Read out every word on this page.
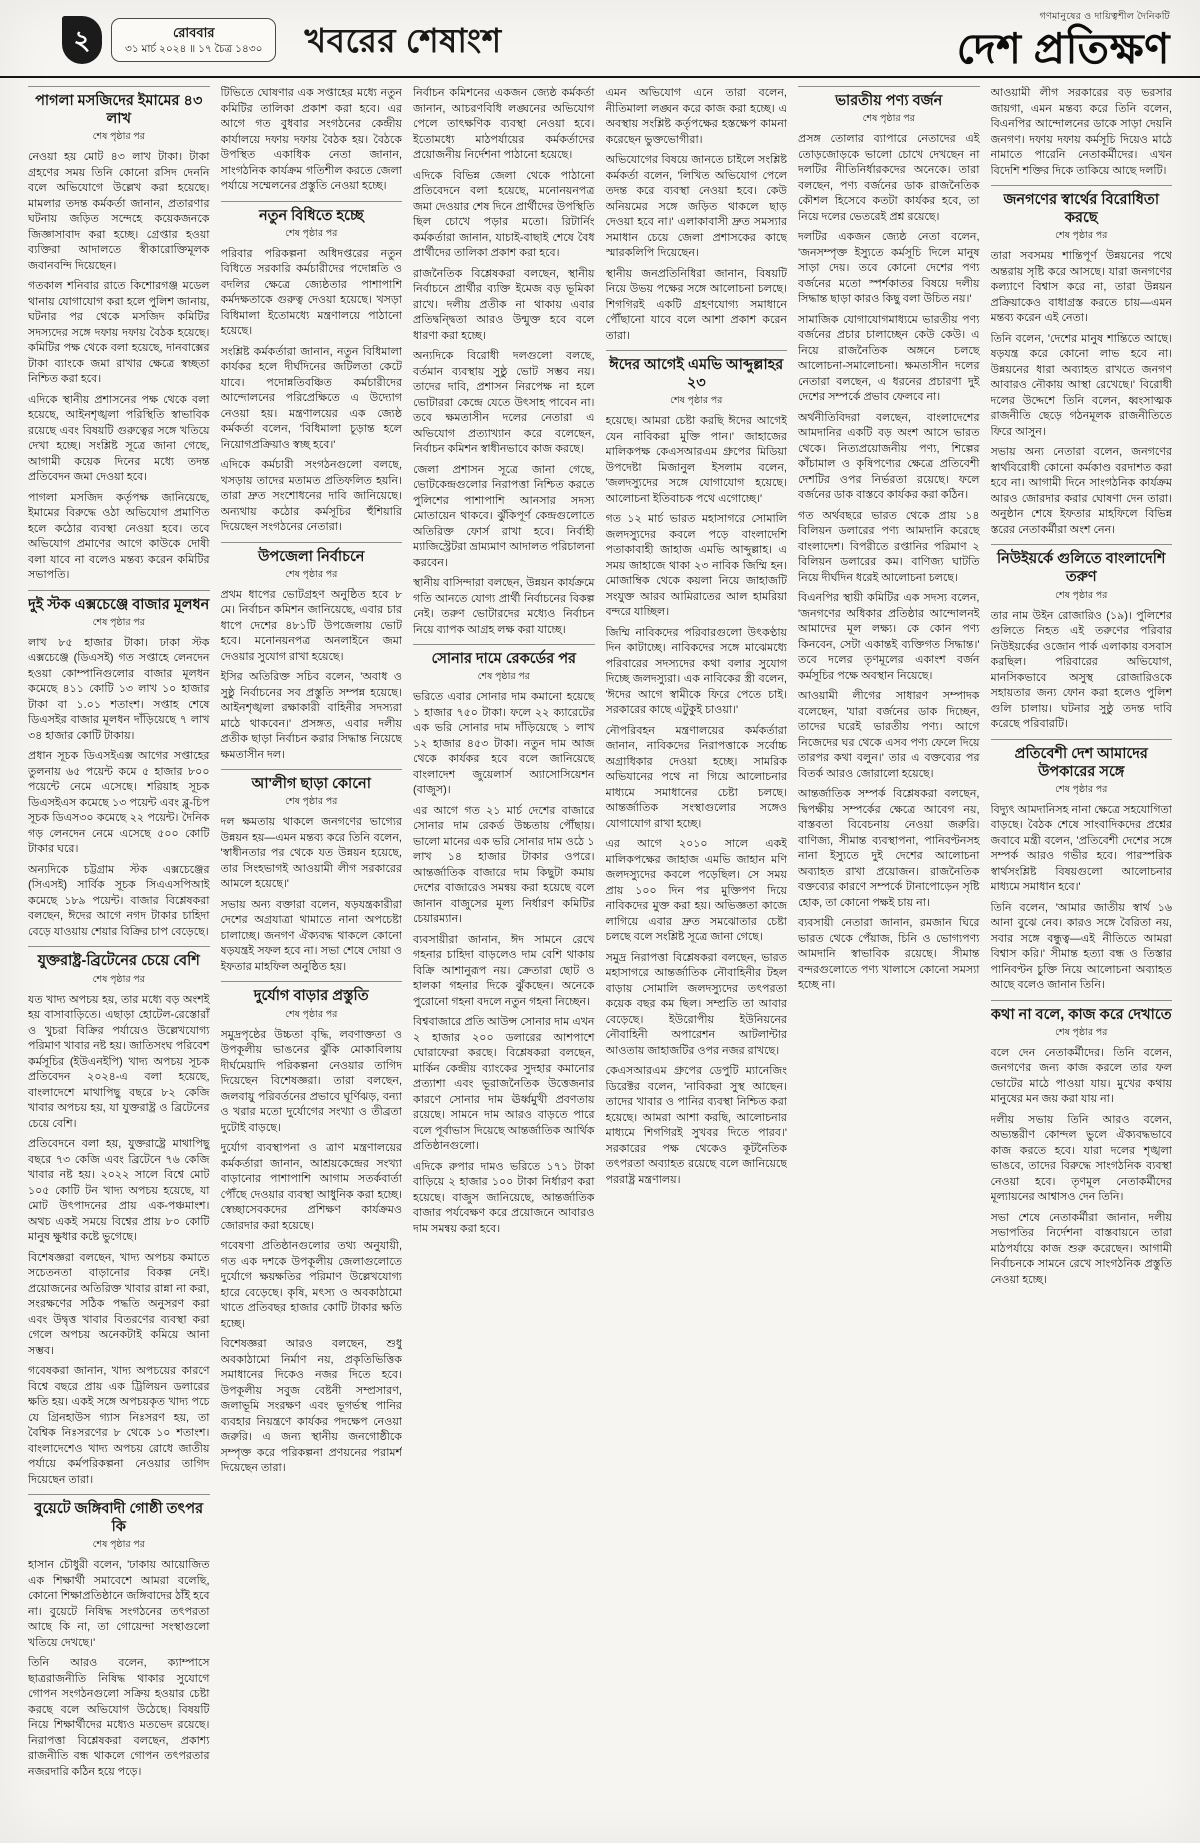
২	রোববার
৩১ মার্চ ২০২৪ ॥ ১৭ চৈত্র ১৪৩০ খবরের শেষাংশ
গণমানুষের ও দায়িত্বশীল দৈনিকটি
দেশ প্রতিক্ষণ
পাগলা মসজিদের ইমামের ৪৩ লাখ
শেষ পৃষ্ঠার পর

নেওয়া হয় মোট ৪৩ লাখ টাকা। টাকা গ্রহণের সময় তিনি কোনো রসিদ দেননি বলে অভিযোগে উল্লেখ করা হয়েছে। মামলার তদন্ত কর্মকর্তা জানান, প্রতারণার ঘটনায় জড়িত সন্দেহে কয়েকজনকে জিজ্ঞাসাবাদ করা হচ্ছে। গ্রেপ্তার হওয়া ব্যক্তিরা আদালতে স্বীকারোক্তিমূলক জবানবন্দি দিয়েছেন।

গতকাল শনিবার রাতে কিশোরগঞ্জ মডেল থানায় যোগাযোগ করা হলে পুলিশ জানায়, ঘটনার পর থেকে মসজিদ কমিটির সদস্যদের সঙ্গে দফায় দফায় বৈঠক হয়েছে। কমিটির পক্ষ থেকে বলা হয়েছে, দানবাক্সের টাকা ব্যাংকে জমা রাখার ক্ষেত্রে স্বচ্ছতা নিশ্চিত করা হবে।

এদিকে স্থানীয় প্রশাসনের পক্ষ থেকে বলা হয়েছে, আইনশৃঙ্খলা পরিস্থিতি স্বাভাবিক রয়েছে এবং বিষয়টি গুরুত্বের সঙ্গে খতিয়ে দেখা হচ্ছে। সংশ্লিষ্ট সূত্রে জানা গেছে, আগামী কয়েক দিনের মধ্যে তদন্ত প্রতিবেদন জমা দেওয়া হবে।

পাগলা মসজিদ কর্তৃপক্ষ জানিয়েছে, ইমামের বিরুদ্ধে ওঠা অভিযোগ প্রমাণিত হলে কঠোর ব্যবস্থা নেওয়া হবে। তবে অভিযোগ প্রমাণের আগে কাউকে দোষী বলা যাবে না বলেও মন্তব্য করেন কমিটির সভাপতি।

দুই স্টক এক্সচেঞ্জে বাজার মূলধন
শেষ পৃষ্ঠার পর

লাখ ৮৫ হাজার টাকা। ঢাকা স্টক এক্সচেঞ্জে (ডিএসই) গত সপ্তাহে লেনদেন হওয়া কোম্পানিগুলোর বাজার মূলধন কমেছে ৪১১ কোটি ১৩ লাখ ১০ হাজার টাকা বা ১.০১ শতাংশ। সপ্তাহ শেষে ডিএসইর বাজার মূলধন দাঁড়িয়েছে ৭ লাখ ৩৪ হাজার কোটি টাকায়।

প্রধান সূচক ডিএসইএক্স আগের সপ্তাহের তুলনায় ৬৫ পয়েন্ট কমে ৫ হাজার ৮০০ পয়েন্টে নেমে এসেছে। শরিয়াহ সূচক ডিএসইএস কমেছে ১৩ পয়েন্ট এবং ব্লু-চিপ সূচক ডিএস৩০ কমেছে ২২ পয়েন্ট। দৈনিক গড় লেনদেন নেমে এসেছে ৫০০ কোটি টাকার ঘরে।

অন্যদিকে চট্টগ্রাম স্টক এক্সচেঞ্জের (সিএসই) সার্বিক সূচক সিএএসপিআই কমেছে ১৮৯ পয়েন্ট। বাজার বিশ্লেষকরা বলছেন, ঈদের আগে নগদ টাকার চাহিদা বেড়ে যাওয়ায় শেয়ার বিক্রির চাপ বেড়েছে।

যুক্তরাষ্ট্র-ব্রিটেনের চেয়ে বেশি
শেষ পৃষ্ঠার পর

যত খাদ্য অপচয় হয়, তার মধ্যে বড় অংশই হয় বাসাবাড়িতে। এছাড়া হোটেল-রেস্তোরাঁ ও খুচরা বিক্রির পর্যায়েও উল্লেখযোগ্য পরিমাণ খাবার নষ্ট হয়। জাতিসংঘ পরিবেশ কর্মসূচির (ইউএনইপি) খাদ্য অপচয় সূচক প্রতিবেদন ২০২৪-এ বলা হয়েছে, বাংলাদেশে মাথাপিছু বছরে ৮২ কেজি খাবার অপচয় হয়, যা যুক্তরাষ্ট্র ও ব্রিটেনের চেয়ে বেশি।

প্রতিবেদনে বলা হয়, যুক্তরাষ্ট্রে মাথাপিছু বছরে ৭৩ কেজি এবং ব্রিটেনে ৭৬ কেজি খাবার নষ্ট হয়। ২০২২ সালে বিশ্বে মোট ১০৫ কোটি টন খাদ্য অপচয় হয়েছে, যা মোট উৎপাদনের প্রায় এক-পঞ্চমাংশ। অথচ একই সময়ে বিশ্বের প্রায় ৮০ কোটি মানুষ ক্ষুধার কষ্টে ভুগেছে।

বিশেষজ্ঞরা বলছেন, খাদ্য অপচয় কমাতে সচেতনতা বাড়ানোর বিকল্প নেই। প্রয়োজনের অতিরিক্ত খাবার রান্না না করা, সংরক্ষণের সঠিক পদ্ধতি অনুসরণ করা এবং উদ্বৃত্ত খাবার বিতরণের ব্যবস্থা করা গেলে অপচয় অনেকটাই কমিয়ে আনা সম্ভব।

গবেষকরা জানান, খাদ্য অপচয়ের কারণে বিশ্বে বছরে প্রায় এক ট্রিলিয়ন ডলারের ক্ষতি হয়। একই সঙ্গে অপচয়কৃত খাদ্য পচে যে গ্রিনহাউস গ্যাস নিঃসরণ হয়, তা বৈশ্বিক নিঃসরণের ৮ থেকে ১০ শতাংশ। বাংলাদেশেও খাদ্য অপচয় রোধে জাতীয় পর্যায়ে কর্মপরিকল্পনা নেওয়ার তাগিদ দিয়েছেন তারা।

বুয়েটে জঙ্গিবাদী গোষ্ঠী তৎপর কি
শেষ পৃষ্ঠার পর

হাসান চৌধুরী বলেন, 'ঢাকায় আয়োজিত এক শিক্ষার্থী সমাবেশে আমরা বলেছি, কোনো শিক্ষাপ্রতিষ্ঠানে জঙ্গিবাদের ঠাঁই হবে না। বুয়েটে নিষিদ্ধ সংগঠনের তৎপরতা আছে কি না, তা গোয়েন্দা সংস্থাগুলো খতিয়ে দেখছে।'

তিনি আরও বলেন, ক্যাম্পাসে ছাত্ররাজনীতি নিষিদ্ধ থাকার সুযোগে গোপন সংগঠনগুলো সক্রিয় হওয়ার চেষ্টা করছে বলে অভিযোগ উঠেছে। বিষয়টি নিয়ে শিক্ষার্থীদের মধ্যেও মতভেদ রয়েছে। নিরাপত্তা বিশ্লেষকরা বলছেন, প্রকাশ্য রাজনীতি বন্ধ থাকলে গোপন তৎপরতার নজরদারি কঠিন হয়ে পড়ে।

টিভিতে ঘোষণার এক সপ্তাহের মধ্যে নতুন কমিটির তালিকা প্রকাশ করা হবে। এর আগে গত বুধবার সংগঠনের কেন্দ্রীয় কার্যালয়ে দফায় দফায় বৈঠক হয়। বৈঠকে উপস্থিত একাধিক নেতা জানান, সাংগঠনিক কার্যক্রম গতিশীল করতে জেলা পর্যায়ে সম্মেলনের প্রস্তুতি নেওয়া হচ্ছে।

নতুন বিধিতে হচ্ছে
শেষ পৃষ্ঠার পর

পরিবার পরিকল্পনা অধিদপ্তরের নতুন বিধিতে সরকারি কর্মচারীদের পদোন্নতি ও বদলির ক্ষেত্রে জ্যেষ্ঠতার পাশাপাশি কর্মদক্ষতাকে গুরুত্ব দেওয়া হয়েছে। খসড়া বিধিমালা ইতোমধ্যে মন্ত্রণালয়ে পাঠানো হয়েছে।

সংশ্লিষ্ট কর্মকর্তারা জানান, নতুন বিধিমালা কার্যকর হলে দীর্ঘদিনের জটিলতা কেটে যাবে। পদোন্নতিবঞ্চিত কর্মচারীদের আন্দোলনের পরিপ্রেক্ষিতে এ উদ্যোগ নেওয়া হয়। মন্ত্রণালয়ের এক জ্যেষ্ঠ কর্মকর্তা বলেন, 'বিধিমালা চূড়ান্ত হলে নিয়োগপ্রক্রিয়াও স্বচ্ছ হবে।'

এদিকে কর্মচারী সংগঠনগুলো বলছে, খসড়ায় তাদের মতামত প্রতিফলিত হয়নি। তারা দ্রুত সংশোধনের দাবি জানিয়েছে। অন্যথায় কঠোর কর্মসূচির হুঁশিয়ারি দিয়েছেন সংগঠনের নেতারা।

উপজেলা নির্বাচনে
শেষ পৃষ্ঠার পর

প্রথম ধাপের ভোটগ্রহণ অনুষ্ঠিত হবে ৮ মে। নির্বাচন কমিশন জানিয়েছে, এবার চার ধাপে দেশের ৪৮১টি উপজেলায় ভোট হবে। মনোনয়নপত্র অনলাইনে জমা দেওয়ার সুযোগ রাখা হয়েছে।

ইসির অতিরিক্ত সচিব বলেন, 'অবাধ ও সুষ্ঠু নির্বাচনের সব প্রস্তুতি সম্পন্ন হয়েছে। আইনশৃঙ্খলা রক্ষাকারী বাহিনীর সদস্যরা মাঠে থাকবেন।' প্রসঙ্গত, এবার দলীয় প্রতীক ছাড়া নির্বাচন করার সিদ্ধান্ত নিয়েছে ক্ষমতাসীন দল।

আ'লীগ ছাড়া কোনো
শেষ পৃষ্ঠার পর

দল ক্ষমতায় থাকলে জনগণের ভাগ্যের উন্নয়ন হয়—এমন মন্তব্য করে তিনি বলেন, 'স্বাধীনতার পর থেকে যত উন্নয়ন হয়েছে, তার সিংহভাগই আওয়ামী লীগ সরকারের আমলে হয়েছে।'

সভায় অন্য বক্তারা বলেন, ষড়যন্ত্রকারীরা দেশের অগ্রযাত্রা থামাতে নানা অপচেষ্টা চালাচ্ছে। জনগণ ঐক্যবদ্ধ থাকলে কোনো ষড়যন্ত্রই সফল হবে না। সভা শেষে দোয়া ও ইফতার মাহফিল অনুষ্ঠিত হয়।

দুর্যোগ বাড়ার প্রস্তুতি
শেষ পৃষ্ঠার পর

সমুদ্রপৃষ্ঠের উচ্চতা বৃদ্ধি, লবণাক্ততা ও উপকূলীয় ভাঙনের ঝুঁকি মোকাবিলায় দীর্ঘমেয়াদি পরিকল্পনা নেওয়ার তাগিদ দিয়েছেন বিশেষজ্ঞরা। তারা বলছেন, জলবায়ু পরিবর্তনের প্রভাবে ঘূর্ণিঝড়, বন্যা ও খরার মতো দুর্যোগের সংখ্যা ও তীব্রতা দুটোই বাড়ছে।

দুর্যোগ ব্যবস্থাপনা ও ত্রাণ মন্ত্রণালয়ের কর্মকর্তারা জানান, আশ্রয়কেন্দ্রের সংখ্যা বাড়ানোর পাশাপাশি আগাম সতর্কবার্তা পৌঁছে দেওয়ার ব্যবস্থা আধুনিক করা হচ্ছে। স্বেচ্ছাসেবকদের প্রশিক্ষণ কার্যক্রমও জোরদার করা হয়েছে।

গবেষণা প্রতিষ্ঠানগুলোর তথ্য অনুযায়ী, গত এক দশকে উপকূলীয় জেলাগুলোতে দুর্যোগে ক্ষয়ক্ষতির পরিমাণ উল্লেখযোগ্য হারে বেড়েছে। কৃষি, মৎস্য ও অবকাঠামো খাতে প্রতিবছর হাজার কোটি টাকার ক্ষতি হচ্ছে।

বিশেষজ্ঞরা আরও বলছেন, শুধু অবকাঠামো নির্মাণ নয়, প্রকৃতিভিত্তিক সমাধানের দিকেও নজর দিতে হবে। উপকূলীয় সবুজ বেষ্টনী সম্প্রসারণ, জলাভূমি সংরক্ষণ এবং ভূগর্ভস্থ পানির ব্যবহার নিয়ন্ত্রণে কার্যকর পদক্ষেপ নেওয়া জরুরি। এ জন্য স্থানীয় জনগোষ্ঠীকে সম্পৃক্ত করে পরিকল্পনা প্রণয়নের পরামর্শ দিয়েছেন তারা।

নির্বাচন কমিশনের একজন জ্যেষ্ঠ কর্মকর্তা জানান, আচরণবিধি লঙ্ঘনের অভিযোগ পেলে তাৎক্ষণিক ব্যবস্থা নেওয়া হবে। ইতোমধ্যে মাঠপর্যায়ের কর্মকর্তাদের প্রয়োজনীয় নির্দেশনা পাঠানো হয়েছে।

এদিকে বিভিন্ন জেলা থেকে পাঠানো প্রতিবেদনে বলা হয়েছে, মনোনয়নপত্র জমা দেওয়ার শেষ দিনে প্রার্থীদের উপস্থিতি ছিল চোখে পড়ার মতো। রিটার্নিং কর্মকর্তারা জানান, যাচাই-বাছাই শেষে বৈধ প্রার্থীদের তালিকা প্রকাশ করা হবে।

রাজনৈতিক বিশ্লেষকরা বলছেন, স্থানীয় নির্বাচনে প্রার্থীর ব্যক্তি ইমেজ বড় ভূমিকা রাখে। দলীয় প্রতীক না থাকায় এবার প্রতিদ্বন্দ্বিতা আরও উন্মুক্ত হবে বলে ধারণা করা হচ্ছে।

অন্যদিকে বিরোধী দলগুলো বলছে, বর্তমান ব্যবস্থায় সুষ্ঠু ভোট সম্ভব নয়। তাদের দাবি, প্রশাসন নিরপেক্ষ না হলে ভোটাররা কেন্দ্রে যেতে উৎসাহ পাবেন না। তবে ক্ষমতাসীন দলের নেতারা এ অভিযোগ প্রত্যাখ্যান করে বলেছেন, নির্বাচন কমিশন স্বাধীনভাবে কাজ করছে।

জেলা প্রশাসন সূত্রে জানা গেছে, ভোটকেন্দ্রগুলোর নিরাপত্তা নিশ্চিত করতে পুলিশের পাশাপাশি আনসার সদস্য মোতায়েন থাকবে। ঝুঁকিপূর্ণ কেন্দ্রগুলোতে অতিরিক্ত ফোর্স রাখা হবে। নির্বাহী ম্যাজিস্ট্রেটরা ভ্রাম্যমাণ আদালত পরিচালনা করবেন।

স্থানীয় বাসিন্দারা বলছেন, উন্নয়ন কার্যক্রমে গতি আনতে যোগ্য প্রার্থী নির্বাচনের বিকল্প নেই। তরুণ ভোটারদের মধ্যেও নির্বাচন নিয়ে ব্যাপক আগ্রহ লক্ষ করা যাচ্ছে।

সোনার দামে রেকর্ডের পর
শেষ পৃষ্ঠার পর

ভরিতে এবার সোনার দাম কমানো হয়েছে ১ হাজার ৭৫০ টাকা। ফলে ২২ ক্যারেটের এক ভরি সোনার দাম দাঁড়িয়েছে ১ লাখ ১২ হাজার ৪৫৩ টাকা। নতুন দাম আজ থেকে কার্যকর হবে বলে জানিয়েছে বাংলাদেশ জুয়েলার্স অ্যাসোসিয়েশন (বাজুস)।

এর আগে গত ২১ মার্চ দেশের বাজারে সোনার দাম রেকর্ড উচ্চতায় পৌঁছায়। ভালো মানের এক ভরি সোনার দাম ওঠে ১ লাখ ১৪ হাজার টাকার ওপরে। আন্তর্জাতিক বাজারে দাম কিছুটা কমায় দেশের বাজারেও সমন্বয় করা হয়েছে বলে জানান বাজুসের মূল্য নির্ধারণ কমিটির চেয়ারম্যান।

ব্যবসায়ীরা জানান, ঈদ সামনে রেখে গহনার চাহিদা বাড়লেও দাম বেশি থাকায় বিক্রি আশানুরূপ নয়। ক্রেতারা ছোট ও হালকা গহনার দিকে ঝুঁকছেন। অনেকে পুরোনো গহনা বদলে নতুন গহনা নিচ্ছেন।

বিশ্ববাজারে প্রতি আউন্স সোনার দাম এখন ২ হাজার ২০০ ডলারের আশপাশে ঘোরাফেরা করছে। বিশ্লেষকরা বলছেন, মার্কিন কেন্দ্রীয় ব্যাংকের সুদহার কমানোর প্রত্যাশা এবং ভূরাজনৈতিক উত্তেজনার কারণে সোনার দাম ঊর্ধ্বমুখী প্রবণতায় রয়েছে। সামনে দাম আরও বাড়তে পারে বলে পূর্বাভাস দিয়েছে আন্তর্জাতিক আর্থিক প্রতিষ্ঠানগুলো।

এদিকে রুপার দামও ভরিতে ১৭১ টাকা বাড়িয়ে ২ হাজার ১০০ টাকা নির্ধারণ করা হয়েছে। বাজুস জানিয়েছে, আন্তর্জাতিক বাজার পর্যবেক্ষণ করে প্রয়োজনে আবারও দাম সমন্বয় করা হবে।

এমন অভিযোগ এনে তারা বলেন, নীতিমালা লঙ্ঘন করে কাজ করা হচ্ছে। এ অবস্থায় সংশ্লিষ্ট কর্তৃপক্ষের হস্তক্ষেপ কামনা করেছেন ভুক্তভোগীরা।

অভিযোগের বিষয়ে জানতে চাইলে সংশ্লিষ্ট কর্মকর্তা বলেন, 'লিখিত অভিযোগ পেলে তদন্ত করে ব্যবস্থা নেওয়া হবে। কেউ অনিয়মের সঙ্গে জড়িত থাকলে ছাড় দেওয়া হবে না।' এলাকাবাসী দ্রুত সমস্যার সমাধান চেয়ে জেলা প্রশাসকের কাছে স্মারকলিপি দিয়েছেন।

স্থানীয় জনপ্রতিনিধিরা জানান, বিষয়টি নিয়ে উভয় পক্ষের সঙ্গে আলোচনা চলছে। শিগগিরই একটি গ্রহণযোগ্য সমাধানে পৌঁছানো যাবে বলে আশা প্রকাশ করেন তারা।

ঈদের আগেই এমভি আব্দুল্লাহর ২৩
শেষ পৃষ্ঠার পর

হয়েছে। আমরা চেষ্টা করছি ঈদের আগেই যেন নাবিকরা মুক্তি পান।' জাহাজের মালিকপক্ষ কেএসআরএম গ্রুপের মিডিয়া উপদেষ্টা মিজানুল ইসলাম বলেন, 'জলদস্যুদের সঙ্গে যোগাযোগ হয়েছে। আলোচনা ইতিবাচক পথে এগোচ্ছে।'

গত ১২ মার্চ ভারত মহাসাগরে সোমালি জলদস্যুদের কবলে পড়ে বাংলাদেশি পতাকাবাহী জাহাজ এমভি আব্দুল্লাহ। এ সময় জাহাজে থাকা ২৩ নাবিক জিম্মি হন। মোজাম্বিক থেকে কয়লা নিয়ে জাহাজটি সংযুক্ত আরব আমিরাতের আল হামরিয়া বন্দরে যাচ্ছিল।

জিম্মি নাবিকদের পরিবারগুলো উৎকণ্ঠায় দিন কাটাচ্ছে। নাবিকদের সঙ্গে মাঝেমধ্যে পরিবারের সদস্যদের কথা বলার সুযোগ দিচ্ছে জলদস্যুরা। এক নাবিকের স্ত্রী বলেন, 'ঈদের আগে স্বামীকে ফিরে পেতে চাই। সরকারের কাছে এটুকুই চাওয়া।'

নৌপরিবহন মন্ত্রণালয়ের কর্মকর্তারা জানান, নাবিকদের নিরাপত্তাকে সর্বোচ্চ অগ্রাধিকার দেওয়া হচ্ছে। সামরিক অভিযানের পথে না গিয়ে আলোচনার মাধ্যমে সমাধানের চেষ্টা চলছে। আন্তর্জাতিক সংস্থাগুলোর সঙ্গেও যোগাযোগ রাখা হচ্ছে।

এর আগে ২০১০ সালে একই মালিকপক্ষের জাহাজ এমভি জাহান মণি জলদস্যুদের কবলে পড়েছিল। সে সময় প্রায় ১০০ দিন পর মুক্তিপণ দিয়ে নাবিকদের মুক্ত করা হয়। অভিজ্ঞতা কাজে লাগিয়ে এবার দ্রুত সমঝোতার চেষ্টা চলছে বলে সংশ্লিষ্ট সূত্রে জানা গেছে।

সমুদ্র নিরাপত্তা বিশ্লেষকরা বলছেন, ভারত মহাসাগরে আন্তর্জাতিক নৌবাহিনীর টহল বাড়ায় সোমালি জলদস্যুদের তৎপরতা কয়েক বছর কম ছিল। সম্প্রতি তা আবার বেড়েছে। ইউরোপীয় ইউনিয়নের নৌবাহিনী অপারেশন আটলান্টার আওতায় জাহাজটির ওপর নজর রাখছে।

কেএসআরএম গ্রুপের ডেপুটি ম্যানেজিং ডিরেক্টর বলেন, 'নাবিকরা সুস্থ আছেন। তাদের খাবার ও পানির ব্যবস্থা নিশ্চিত করা হয়েছে। আমরা আশা করছি, আলোচনার মাধ্যমে শিগগিরই সুখবর দিতে পারব।' সরকারের পক্ষ থেকেও কূটনৈতিক তৎপরতা অব্যাহত রয়েছে বলে জানিয়েছে পররাষ্ট্র মন্ত্রণালয়।

ভারতীয় পণ্য বর্জন
শেষ পৃষ্ঠার পর

প্রসঙ্গ তোলার ব্যাপারে নেতাদের এই তোড়জোড়কে ভালো চোখে দেখছেন না দলটির নীতিনির্ধারকদের অনেকে। তারা বলছেন, পণ্য বর্জনের ডাক রাজনৈতিক কৌশল হিসেবে কতটা কার্যকর হবে, তা নিয়ে দলের ভেতরেই প্রশ্ন রয়েছে।

দলটির একজন জ্যেষ্ঠ নেতা বলেন, 'জনসম্পৃক্ত ইস্যুতে কর্মসূচি দিলে মানুষ সাড়া দেয়। তবে কোনো দেশের পণ্য বর্জনের মতো স্পর্শকাতর বিষয়ে দলীয় সিদ্ধান্ত ছাড়া কারও কিছু বলা উচিত নয়।'

সামাজিক যোগাযোগমাধ্যমে ভারতীয় পণ্য বর্জনের প্রচার চালাচ্ছেন কেউ কেউ। এ নিয়ে রাজনৈতিক অঙ্গনে চলছে আলোচনা-সমালোচনা। ক্ষমতাসীন দলের নেতারা বলছেন, এ ধরনের প্রচারণা দুই দেশের সম্পর্কে প্রভাব ফেলবে না।

অর্থনীতিবিদরা বলছেন, বাংলাদেশের আমদানির একটি বড় অংশ আসে ভারত থেকে। নিত্যপ্রয়োজনীয় পণ্য, শিল্পের কাঁচামাল ও কৃষিপণ্যের ক্ষেত্রে প্রতিবেশী দেশটির ওপর নির্ভরতা রয়েছে। ফলে বর্জনের ডাক বাস্তবে কার্যকর করা কঠিন।

গত অর্থবছরে ভারত থেকে প্রায় ১৪ বিলিয়ন ডলারের পণ্য আমদানি করেছে বাংলাদেশ। বিপরীতে রপ্তানির পরিমাণ ২ বিলিয়ন ডলারের কম। বাণিজ্য ঘাটতি নিয়ে দীর্ঘদিন ধরেই আলোচনা চলছে।

বিএনপির স্থায়ী কমিটির এক সদস্য বলেন, 'জনগণের অধিকার প্রতিষ্ঠার আন্দোলনই আমাদের মূল লক্ষ্য। কে কোন পণ্য কিনবেন, সেটা একান্তই ব্যক্তিগত সিদ্ধান্ত।' তবে দলের তৃণমূলের একাংশ বর্জন কর্মসূচির পক্ষে অবস্থান নিয়েছে।

আওয়ামী লীগের সাধারণ সম্পাদক বলেছেন, 'যারা বর্জনের ডাক দিচ্ছেন, তাদের ঘরেই ভারতীয় পণ্য। আগে নিজেদের ঘর থেকে এসব পণ্য ফেলে দিয়ে তারপর কথা বলুন।' তার এ বক্তব্যের পর বিতর্ক আরও জোরালো হয়েছে।

আন্তর্জাতিক সম্পর্ক বিশ্লেষকরা বলছেন, দ্বিপক্ষীয় সম্পর্কের ক্ষেত্রে আবেগ নয়, বাস্তবতা বিবেচনায় নেওয়া জরুরি। বাণিজ্য, সীমান্ত ব্যবস্থাপনা, পানিবণ্টনসহ নানা ইস্যুতে দুই দেশের আলোচনা অব্যাহত রাখা প্রয়োজন। রাজনৈতিক বক্তব্যের কারণে সম্পর্কে টানাপোড়েন সৃষ্টি হোক, তা কোনো পক্ষই চায় না।

ব্যবসায়ী নেতারা জানান, রমজান ঘিরে ভারত থেকে পেঁয়াজ, চিনি ও ভোগ্যপণ্য আমদানি স্বাভাবিক রয়েছে। সীমান্ত বন্দরগুলোতে পণ্য খালাসে কোনো সমস্যা হচ্ছে না।

আওয়ামী লীগ সরকারের বড় ভরসার জায়গা, এমন মন্তব্য করে তিনি বলেন, বিএনপির আন্দোলনের ডাকে সাড়া দেয়নি জনগণ। দফায় দফায় কর্মসূচি দিয়েও মাঠে নামাতে পারেনি নেতাকর্মীদের। এখন বিদেশি শক্তির দিকে তাকিয়ে আছে দলটি।

জনগণের স্বার্থের বিরোধিতা করছে
শেষ পৃষ্ঠার পর

তারা সবসময় শান্তিপূর্ণ উন্নয়নের পথে অন্তরায় সৃষ্টি করে আসছে। যারা জনগণের কল্যাণে বিশ্বাস করে না, তারা উন্নয়ন প্রক্রিয়াকেও বাধাগ্রস্ত করতে চায়—এমন মন্তব্য করেন এই নেতা।

তিনি বলেন, 'দেশের মানুষ শান্তিতে আছে। ষড়যন্ত্র করে কোনো লাভ হবে না। উন্নয়নের ধারা অব্যাহত রাখতে জনগণ আবারও নৌকায় আস্থা রেখেছে।' বিরোধী দলের উদ্দেশে তিনি বলেন, ধ্বংসাত্মক রাজনীতি ছেড়ে গঠনমূলক রাজনীতিতে ফিরে আসুন।

সভায় অন্য নেতারা বলেন, জনগণের স্বার্থবিরোধী কোনো কর্মকাণ্ড বরদাশত করা হবে না। আগামী দিনে সাংগঠনিক কার্যক্রম আরও জোরদার করার ঘোষণা দেন তারা। অনুষ্ঠান শেষে ইফতার মাহফিলে বিভিন্ন স্তরের নেতাকর্মীরা অংশ নেন।

নিউইয়র্কে গুলিতে বাংলাদেশি তরুণ
শেষ পৃষ্ঠার পর

তার নাম উইন রোজারিও (১৯)। পুলিশের গুলিতে নিহত এই তরুণের পরিবার নিউইয়র্কের ওজোন পার্ক এলাকায় বসবাস করছিল। পরিবারের অভিযোগ, মানসিকভাবে অসুস্থ রোজারিওকে সহায়তার জন্য ফোন করা হলেও পুলিশ গুলি চালায়। ঘটনার সুষ্ঠু তদন্ত দাবি করেছে পরিবারটি।

প্রতিবেশী দেশ আমাদের উপকারের সঙ্গে
শেষ পৃষ্ঠার পর

বিদ্যুৎ আমদানিসহ নানা ক্ষেত্রে সহযোগিতা বাড়ছে। বৈঠক শেষে সাংবাদিকদের প্রশ্নের জবাবে মন্ত্রী বলেন, 'প্রতিবেশী দেশের সঙ্গে সম্পর্ক আরও গভীর হবে। পারস্পরিক স্বার্থসংশ্লিষ্ট বিষয়গুলো আলোচনার মাধ্যমে সমাধান হবে।'

তিনি বলেন, 'আমার জাতীয় স্বার্থ ১৬ আনা বুঝে নেব। কারও সঙ্গে বৈরিতা নয়, সবার সঙ্গে বন্ধুত্ব—এই নীতিতে আমরা বিশ্বাস করি।' সীমান্ত হত্যা বন্ধ ও তিস্তার পানিবণ্টন চুক্তি নিয়ে আলোচনা অব্যাহত আছে বলেও জানান তিনি।

কথা না বলে, কাজ করে দেখাতে
শেষ পৃষ্ঠার পর

বলে দেন নেতাকর্মীদের। তিনি বলেন, জনগণের জন্য কাজ করলে তার ফল ভোটের মাঠে পাওয়া যায়। মুখের কথায় মানুষের মন জয় করা যায় না।

দলীয় সভায় তিনি আরও বলেন, অভ্যন্তরীণ কোন্দল ভুলে ঐক্যবদ্ধভাবে কাজ করতে হবে। যারা দলের শৃঙ্খলা ভাঙবে, তাদের বিরুদ্ধে সাংগঠনিক ব্যবস্থা নেওয়া হবে। তৃণমূল নেতাকর্মীদের মূল্যায়নের আশ্বাসও দেন তিনি।

সভা শেষে নেতাকর্মীরা জানান, দলীয় সভাপতির নির্দেশনা বাস্তবায়নে তারা মাঠপর্যায়ে কাজ শুরু করেছেন। আগামী নির্বাচনকে সামনে রেখে সাংগঠনিক প্রস্তুতি নেওয়া হচ্ছে।
